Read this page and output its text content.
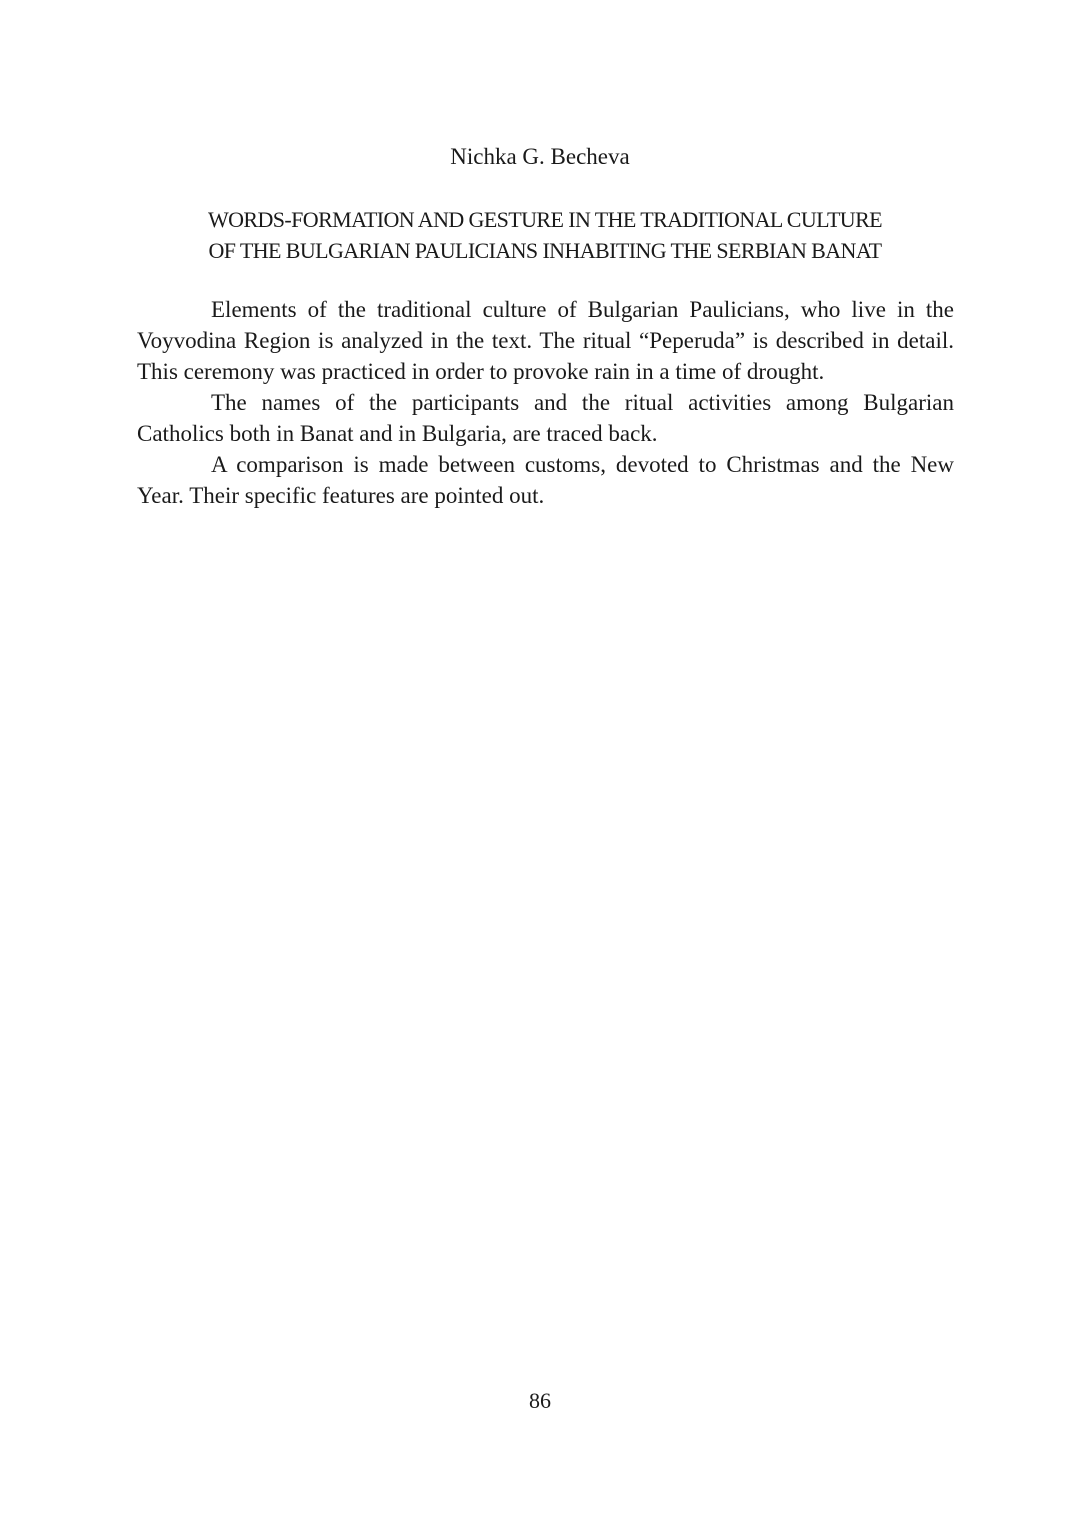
Nichka G. Becheva
WORDS-FORMATION AND GESTURE IN THE TRADITIONAL CULTURE
OF THE BULGARIAN PAULICIANS INHABITING THE SERBIAN BANAT

Elements of the traditional culture of Bulgarian Paulicians, who live in the Voyvodina Region is analyzed in the text. The ritual “Peperuda” is described in detail. This ceremony was practiced in order to provoke rain in a time of drought.

The names of the participants and the ritual activities among Bulgarian Catholics both in Banat and in Bulgaria, are traced back.

A comparison is made between customs, devoted to Christmas and the New Year. Their specific features are pointed out.

86
